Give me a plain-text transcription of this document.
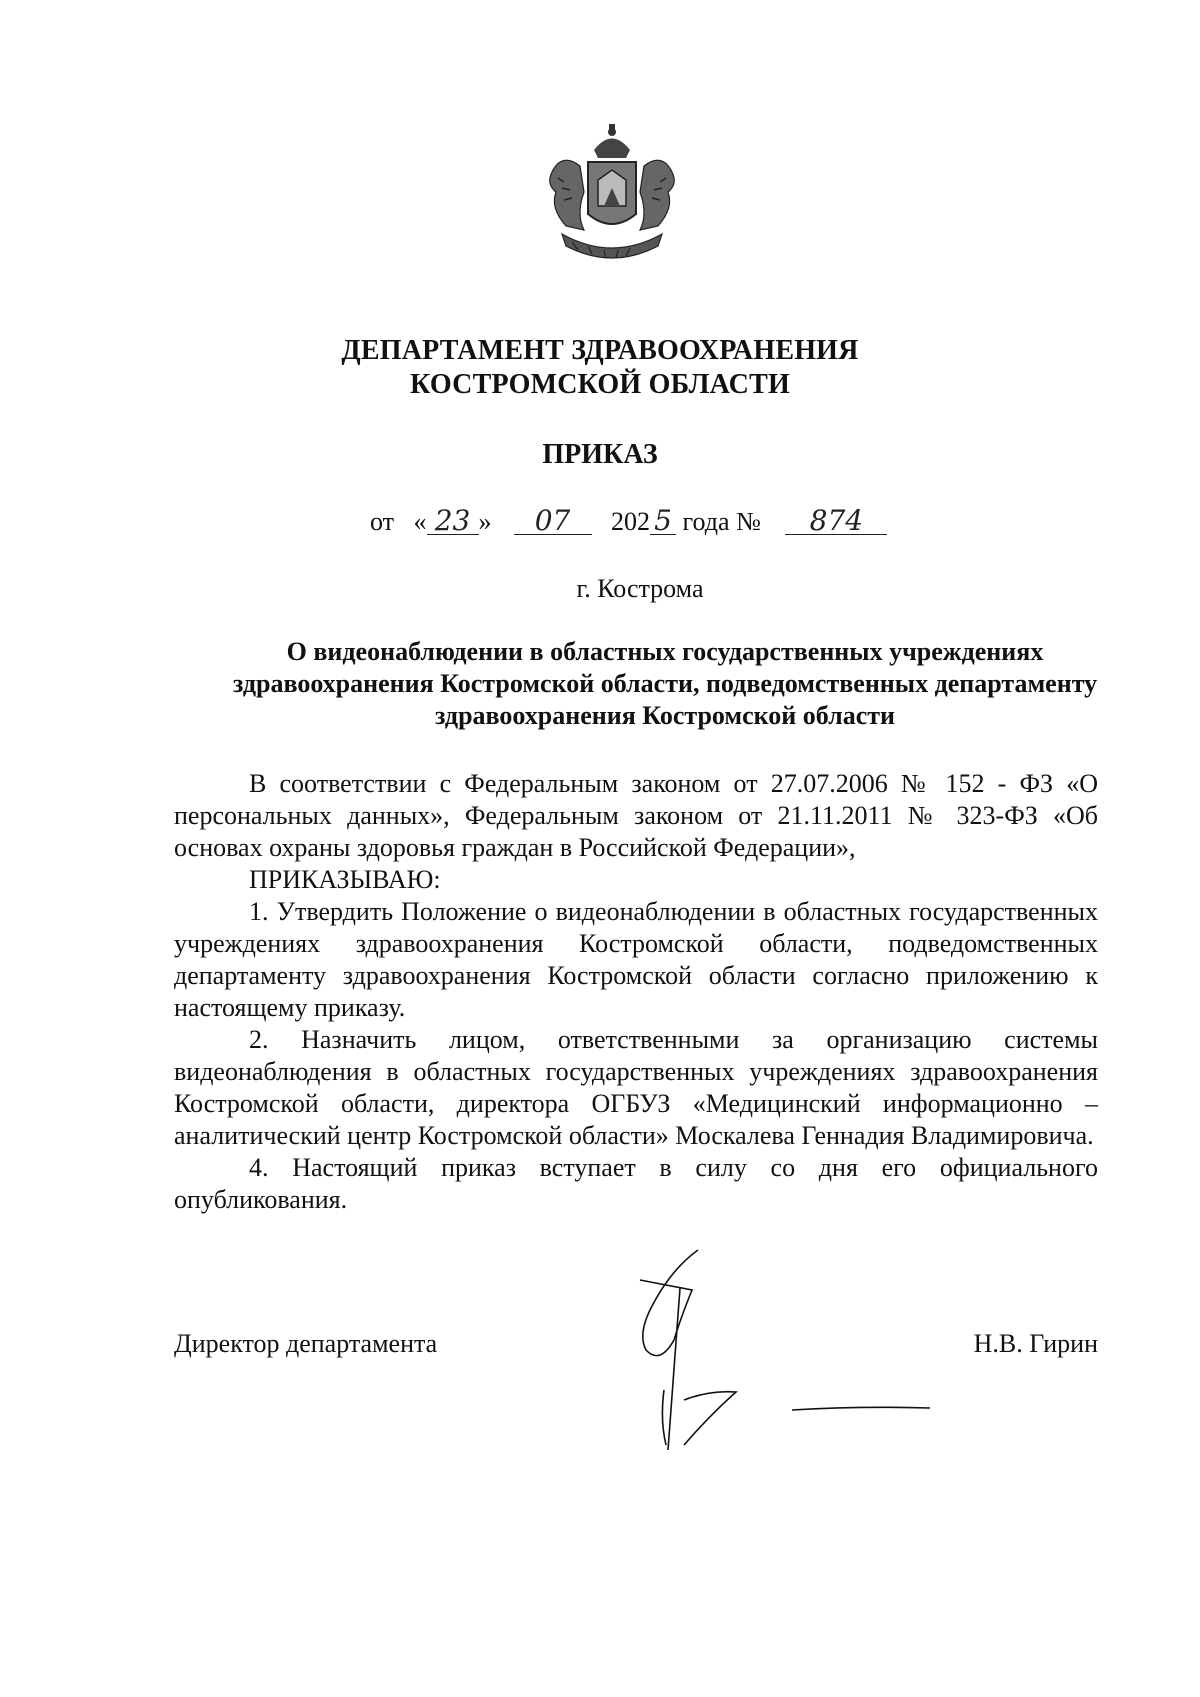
ДЕПАРТАМЕНТ ЗДРАВООХРАНЕНИЯ
КОСТРОМСКОЙ ОБЛАСТИ
ПРИКАЗ
от « 23 » 07 202 5 года № 874
г. Кострома
О видеонаблюдении в областных государственных учреждениях здравоохранения Костромской области, подведомственных департаменту здравоохранения Костромской области

В соответствии с Федеральным законом от 27.07.2006 № 152 - ФЗ «О персональных данных», Федеральным законом от 21.11.2011 № 323-ФЗ «Об основах охраны здоровья граждан в Российской Федерации»,

ПРИКАЗЫВАЮ:

1. Утвердить Положение о видеонаблюдении в областных государственных учреждениях здравоохранения Костромской области, подведомственных департаменту здравоохранения Костромской области согласно приложению к настоящему приказу.

2. Назначить лицом, ответственными за организацию системы видеонаблюдения в областных государственных учреждениях здравоохранения Костромской области, директора ОГБУЗ «Медицинский информационно – аналитический центр Костромской области» Москалева Геннадия Владимировича.

4. Настоящий приказ вступает в силу со дня его официального опубликования.

Директор департамента	Н.В. Гирин
